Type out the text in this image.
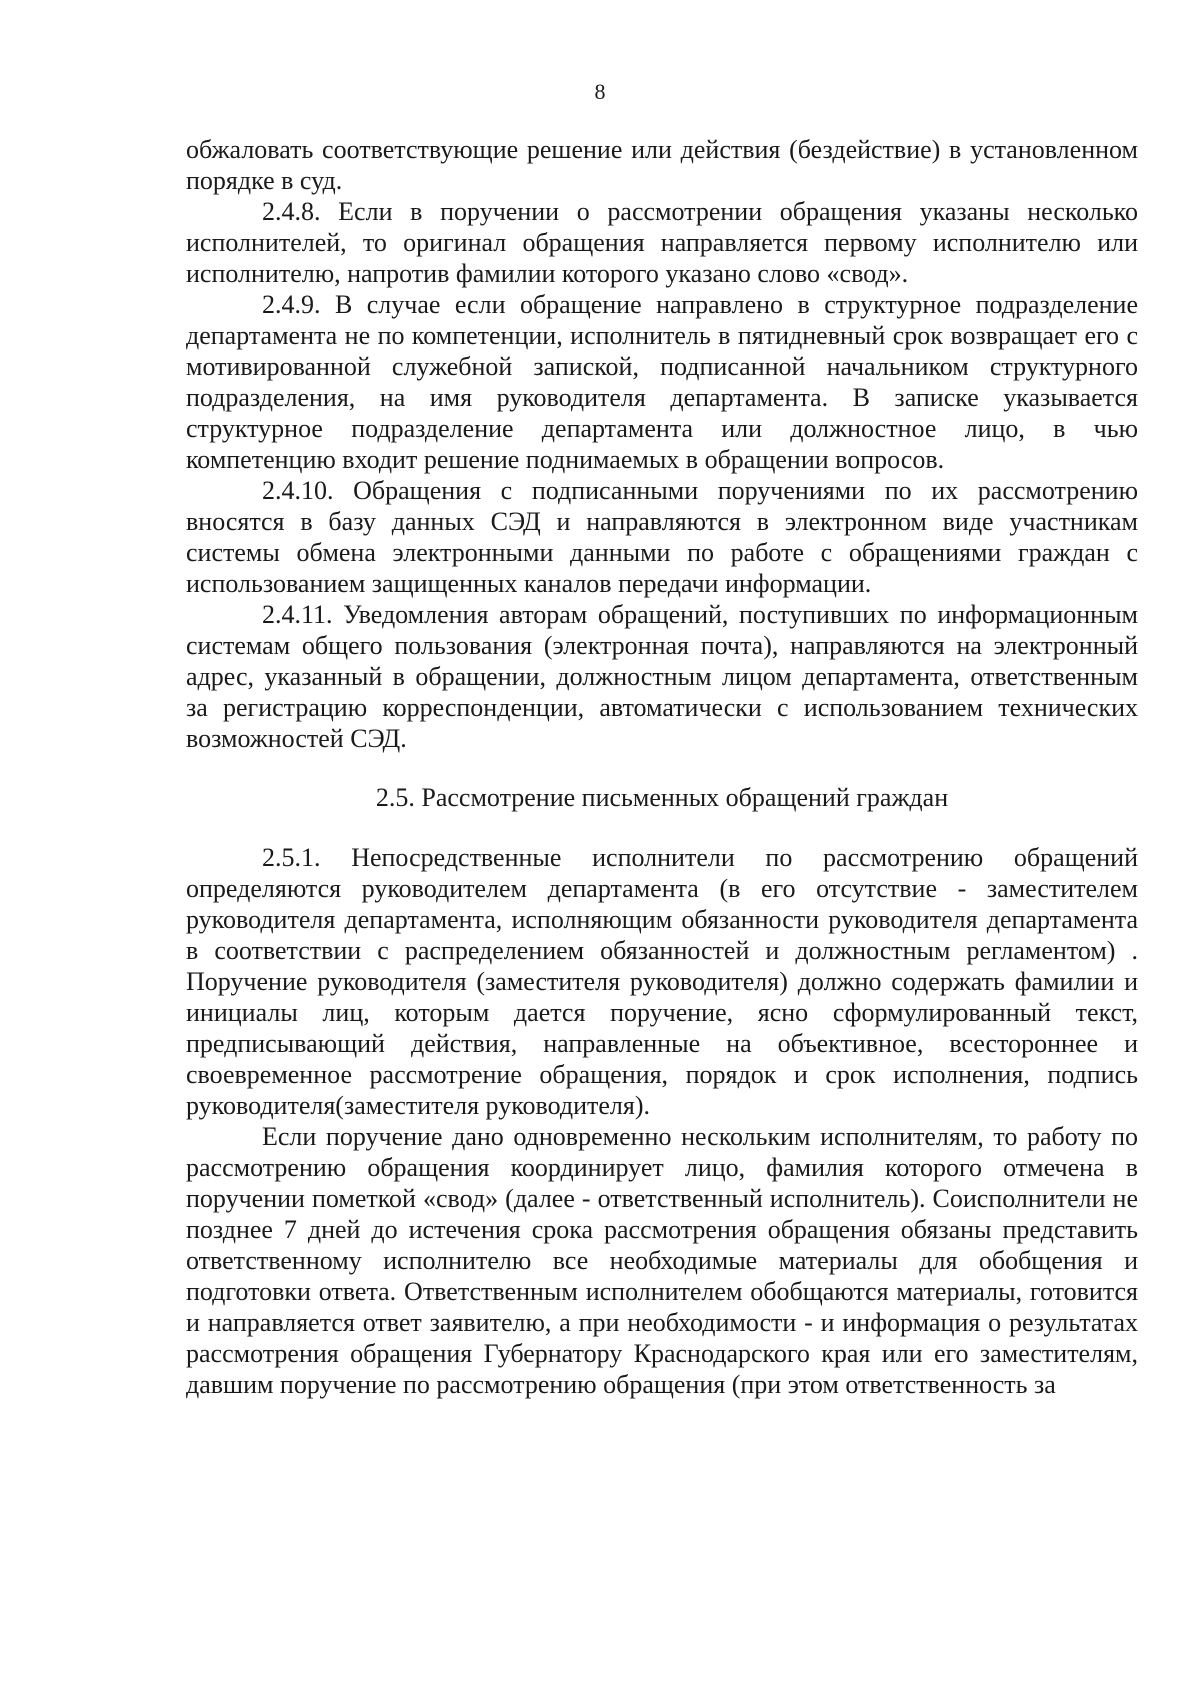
8

обжаловать соответствующие решение или действия (бездействие) в установленном порядке в суд.

2.4.8. Если в поручении о рассмотрении обращения указаны несколько исполнителей, то оригинал обращения направляется первому исполнителю или исполнителю, напротив фамилии которого указано слово «свод».

2.4.9. В случае если обращение направлено в структурное подразделение департамента не по компетенции, исполнитель в пятидневный срок возвращает его с мотивированной служебной запиской, подписанной начальником структурного подразделения, на имя руководителя департамента. В записке указывается структурное подразделение департамента или должностное лицо, в чью компетенцию входит решение поднимаемых в обращении вопросов.

2.4.10. Обращения с подписанными поручениями по их рассмотрению вносятся в базу данных СЭД и направляются в электронном виде участникам системы обмена электронными данными по работе с обращениями граждан с использованием защищенных каналов передачи информации.

2.4.11. Уведомления авторам обращений, поступивших по информационным системам общего пользования (электронная почта), направляются на электронный адрес, указанный в обращении, должностным лицом департамента, ответственным за регистрацию корреспонденции, автоматически с использованием технических возможностей СЭД.

2.5. Рассмотрение письменных обращений граждан

2.5.1. Непосредственные исполнители по рассмотрению обращений определяются руководителем департамента (в его отсутствие - заместителем руководителя департамента, исполняющим обязанности руководителя департамента в соответствии с распределением обязанностей и должностным регламентом) . Поручение руководителя (заместителя руководителя) должно содержать фамилии и инициалы лиц, которым дается поручение, ясно сформулированный текст, предписывающий действия, направленные на объективное, всестороннее и своевременное рассмотрение обращения, порядок и срок исполнения, подпись руководителя(заместителя руководителя).

Если поручение дано одновременно нескольким исполнителям, то работу по рассмотрению обращения координирует лицо, фамилия которого отмечена в поручении пометкой «свод» (далее - ответственный исполнитель). Соисполнители не позднее 7 дней до истечения срока рассмотрения обращения обязаны представить ответственному исполнителю все необходимые материалы для обобщения и подготовки ответа. Ответственным исполнителем обобщаются материалы, готовится и направляется ответ заявителю, а при необходимости - и информация о результатах рассмотрения обращения Губернатору Краснодарского края или его заместителям, давшим поручение по рассмотрению обращения (при этом ответственность за
